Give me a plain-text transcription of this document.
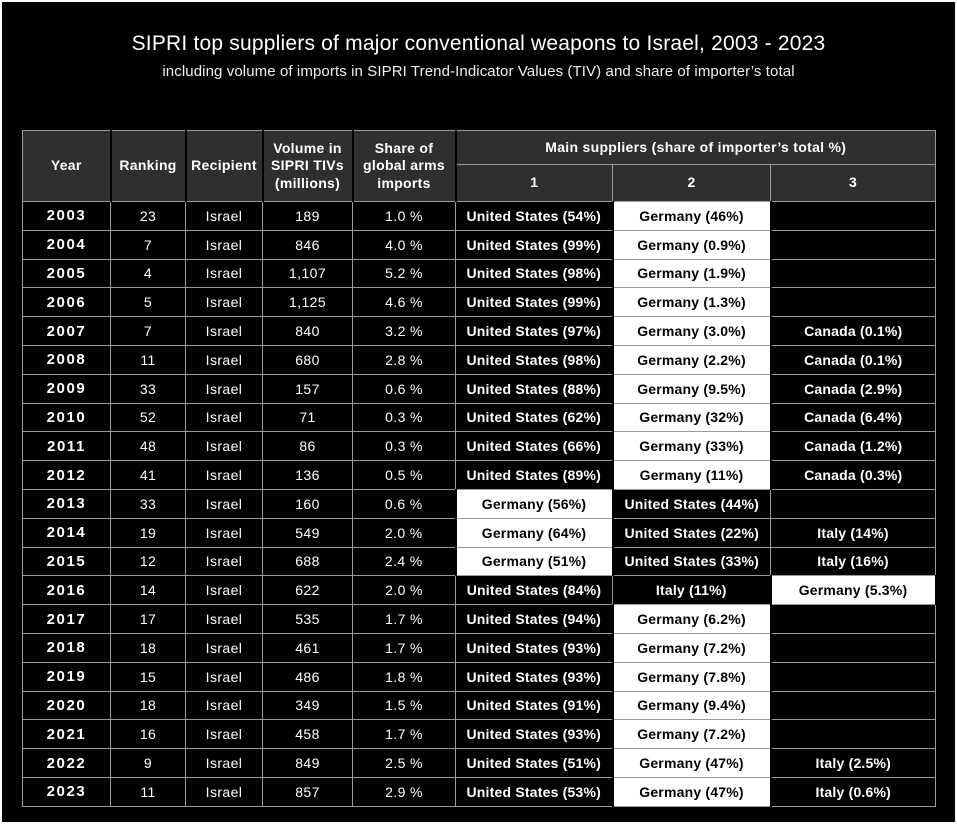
SIPRI top suppliers of major conventional weapons to Israel, 2003 - 2023
including volume of imports in SIPRI Trend-Indicator Values (TIV) and share of importer’s total
Year	Ranking	Recipient	Volume in SIPRI TIVs (millions)	Share of global arms imports	Main suppliers (share of importer’s total %)		
					1	2	3
2003	23	Israel	189	1.0 %	United States (54%)	Germany (46%)	
2004	7	Israel	846	4.0 %	United States (99%)	Germany (0.9%)	
2005	4	Israel	1,107	5.2 %	United States (98%)	Germany (1.9%)	
2006	5	Israel	1,125	4.6 %	United States (99%)	Germany (1.3%)	
2007	7	Israel	840	3.2 %	United States (97%)	Germany (3.0%)	Canada (0.1%)
2008	11	Israel	680	2.8 %	United States (98%)	Germany (2.2%)	Canada (0.1%)
2009	33	Israel	157	0.6 %	United States (88%)	Germany (9.5%)	Canada (2.9%)
2010	52	Israel	71	0.3 %	United States (62%)	Germany (32%)	Canada (6.4%)
2011	48	Israel	86	0.3 %	United States (66%)	Germany (33%)	Canada (1.2%)
2012	41	Israel	136	0.5 %	United States (89%)	Germany (11%)	Canada (0.3%)
2013	33	Israel	160	0.6 %	Germany (56%)	United States (44%)	
2014	19	Israel	549	2.0 %	Germany (64%)	United States (22%)	Italy (14%)
2015	12	Israel	688	2.4 %	Germany (51%)	United States (33%)	Italy (16%)
2016	14	Israel	622	2.0 %	United States (84%)	Italy (11%)	Germany (5.3%)
2017	17	Israel	535	1.7 %	United States (94%)	Germany (6.2%)	
2018	18	Israel	461	1.7 %	United States (93%)	Germany (7.2%)	
2019	15	Israel	486	1.8 %	United States (93%)	Germany (7.8%)	
2020	18	Israel	349	1.5 %	United States (91%)	Germany (9.4%)	
2021	16	Israel	458	1.7 %	United States (93%)	Germany (7.2%)	
2022	9	Israel	849	2.5 %	United States (51%)	Germany (47%)	Italy (2.5%)
2023	11	Israel	857	2.9 %	United States (53%)	Germany (47%)	Italy (0.6%)
